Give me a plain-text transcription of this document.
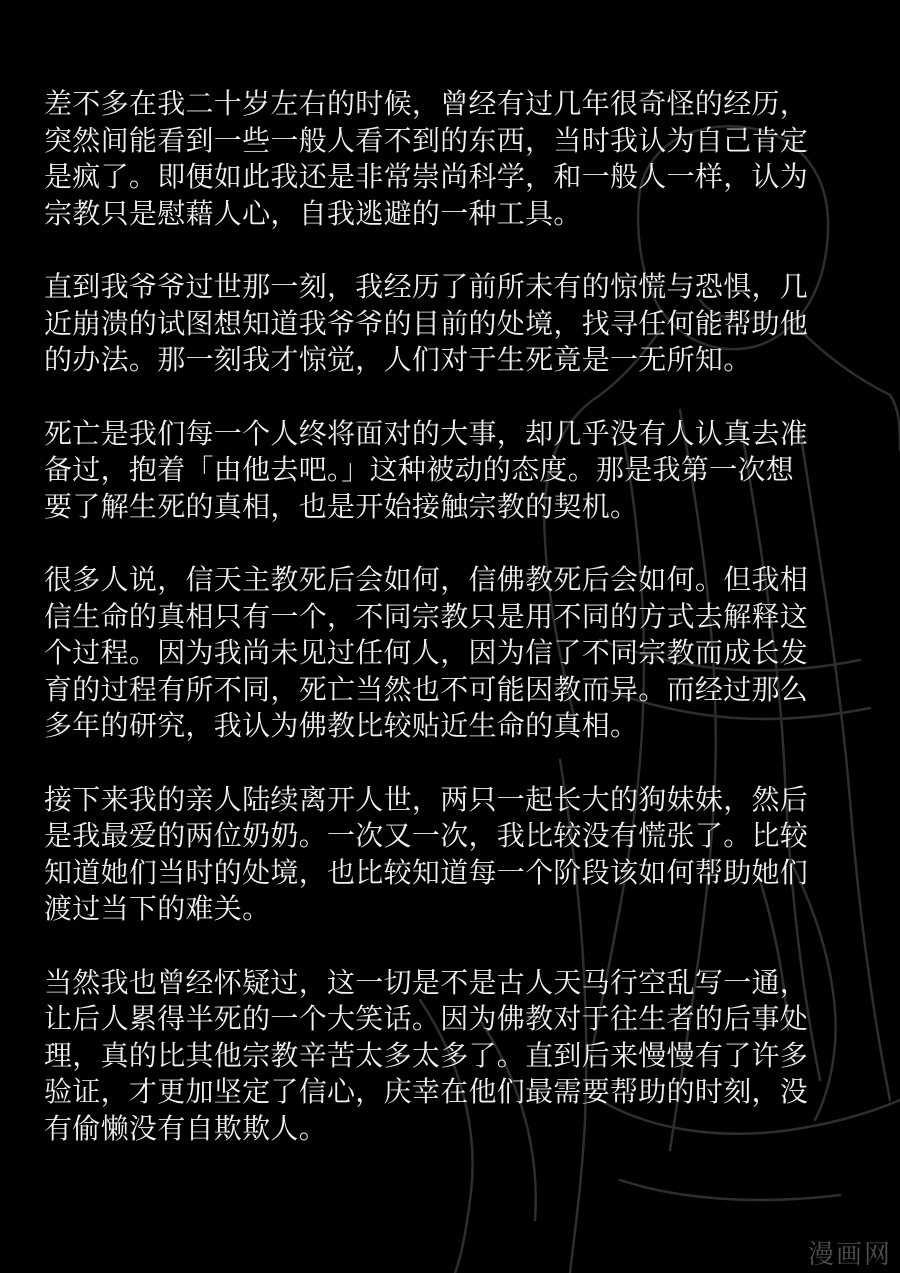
差不多在我二十岁左右的时候，曾经有过几年很奇怪的经历，
突然间能看到一些一般人看不到的东西，当时我认为自己肯定
是疯了。即便如此我还是非常崇尚科学，和一般人一样，认为
宗教只是慰藉人心，自我逃避的一种工具。

直到我爷爷过世那一刻，我经历了前所未有的惊慌与恐惧，几
近崩溃的试图想知道我爷爷的目前的处境，找寻任何能帮助他
的办法。那一刻我才惊觉，人们对于生死竟是一无所知。

死亡是我们每一个人终将面对的大事，却几乎没有人认真去准
备过，抱着「由他去吧。」这种被动的态度。那是我第一次想
要了解生死的真相，也是开始接触宗教的契机。

很多人说，信天主教死后会如何，信佛教死后会如何。但我相
信生命的真相只有一个，不同宗教只是用不同的方式去解释这
个过程。因为我尚未见过任何人，因为信了不同宗教而成长发
育的过程有所不同，死亡当然也不可能因教而异。而经过那么
多年的研究，我认为佛教比较贴近生命的真相。

接下来我的亲人陆续离开人世，两只一起长大的狗妹妹，然后
是我最爱的两位奶奶。一次又一次，我比较没有慌张了。比较
知道她们当时的处境，也比较知道每一个阶段该如何帮助她们
渡过当下的难关。

当然我也曾经怀疑过，这一切是不是古人天马行空乱写一通，
让后人累得半死的一个大笑话。因为佛教对于往生者的后事处
理，真的比其他宗教辛苦太多太多了。直到后来慢慢有了许多
验证，才更加坚定了信心，庆幸在他们最需要帮助的时刻，没
有偷懒没有自欺欺人。

漫画网
